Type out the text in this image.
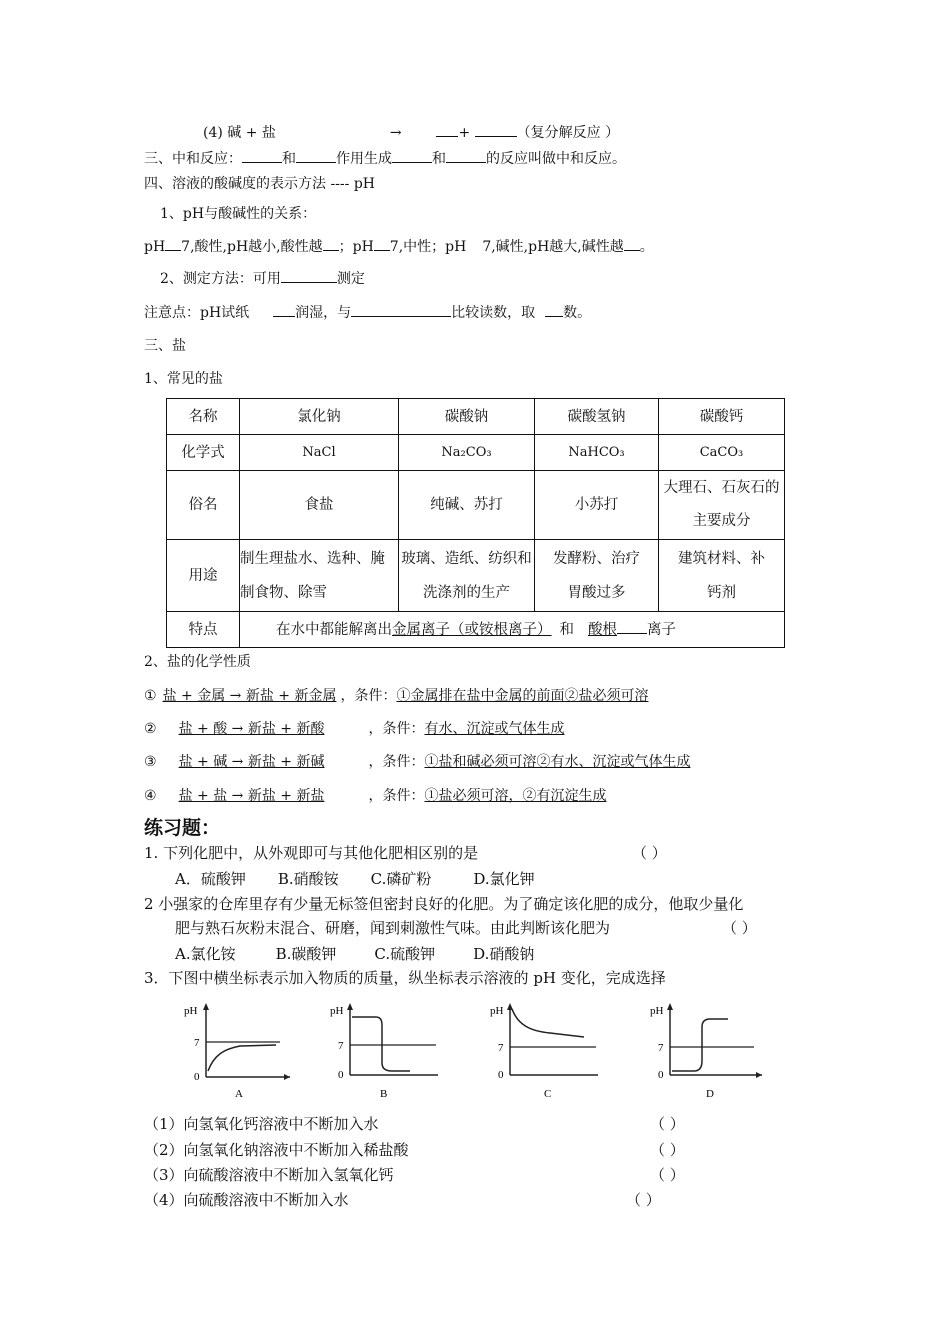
(4) 碱 + 盐	→	+	（复分解反应 ）
三、中和反应：	和	作用生成	和	的反应叫做中和反应。
四、溶液的酸碱度的表示方法 ---- pH
1、pH与酸碱性的关系：
pH 7,酸性,pH越小,酸性越 ；pH 7,中性；pH 7,碱性,pH越大,碱性越 。
2、测定方法：可用	测定
注意点：pH试纸	润湿，与	比较读数，取 数。
三、盐
1、常见的盐
名称	氯化钠	碳酸钠	碳酸氢钠	碳酸钙
化学式	NaCl	Na₂CO₃	NaHCO₃	CaCO₃
俗名	食盐	纯碱、苏打	小苏打	大理石、石灰石的主要成分
用途	制生理盐水、选种、腌制食物、除雪	玻璃、造纸、纺织和洗涤剂的生产	发酵粉、治疗胃酸过多	建筑材料、补钙剂
特点	在水中都能解离出金属离子（或铵根离子） 和 酸根 离子			
2、盐的化学性质
① 盐 + 金属 → 新盐 + 新金属 ，条件：①金属排在盐中金属的前面②盐必须可溶
② 盐 + 酸 → 新盐 + 新酸	，条件：有水、沉淀或气体生成
③ 盐 + 碱 → 新盐 + 新碱	，条件：①盐和碱必须可溶②有水、沉淀或气体生成
④ 盐 + 盐 → 新盐 + 新盐	，条件：①盐必须可溶，②有沉淀生成
练习题：
1. 下列化肥中，从外观即可与其他化肥相区别的是	（ ）
A．硫酸钾 B.硝酸铵 C.磷矿粉	D.氯化钾
2 小强家的仓库里存有少量无标签但密封良好的化肥。为了确定该化肥的成分，他取少量化
肥与熟石灰粉末混合、研磨，闻到刺激性气味。由此判断该化肥为	（ ）
A.氯化铵	B.碳酸钾	C.硫酸钾	D.硝酸钠
3．下图中横坐标表示加入物质的质量，纵坐标表示溶液的 pH 变化，完成选择
pH
7
0
A
pH
7
0
B
pH
7
0
C
pH
7
0
D
（1）向氢氧化钙溶液中不断加入水	（ ）
（2）向氢氧化钠溶液中不断加入稀盐酸	（ ）
（3）向硫酸溶液中不断加入氢氧化钙	（ ）
（4）向硫酸溶液中不断加入水	（ ）
